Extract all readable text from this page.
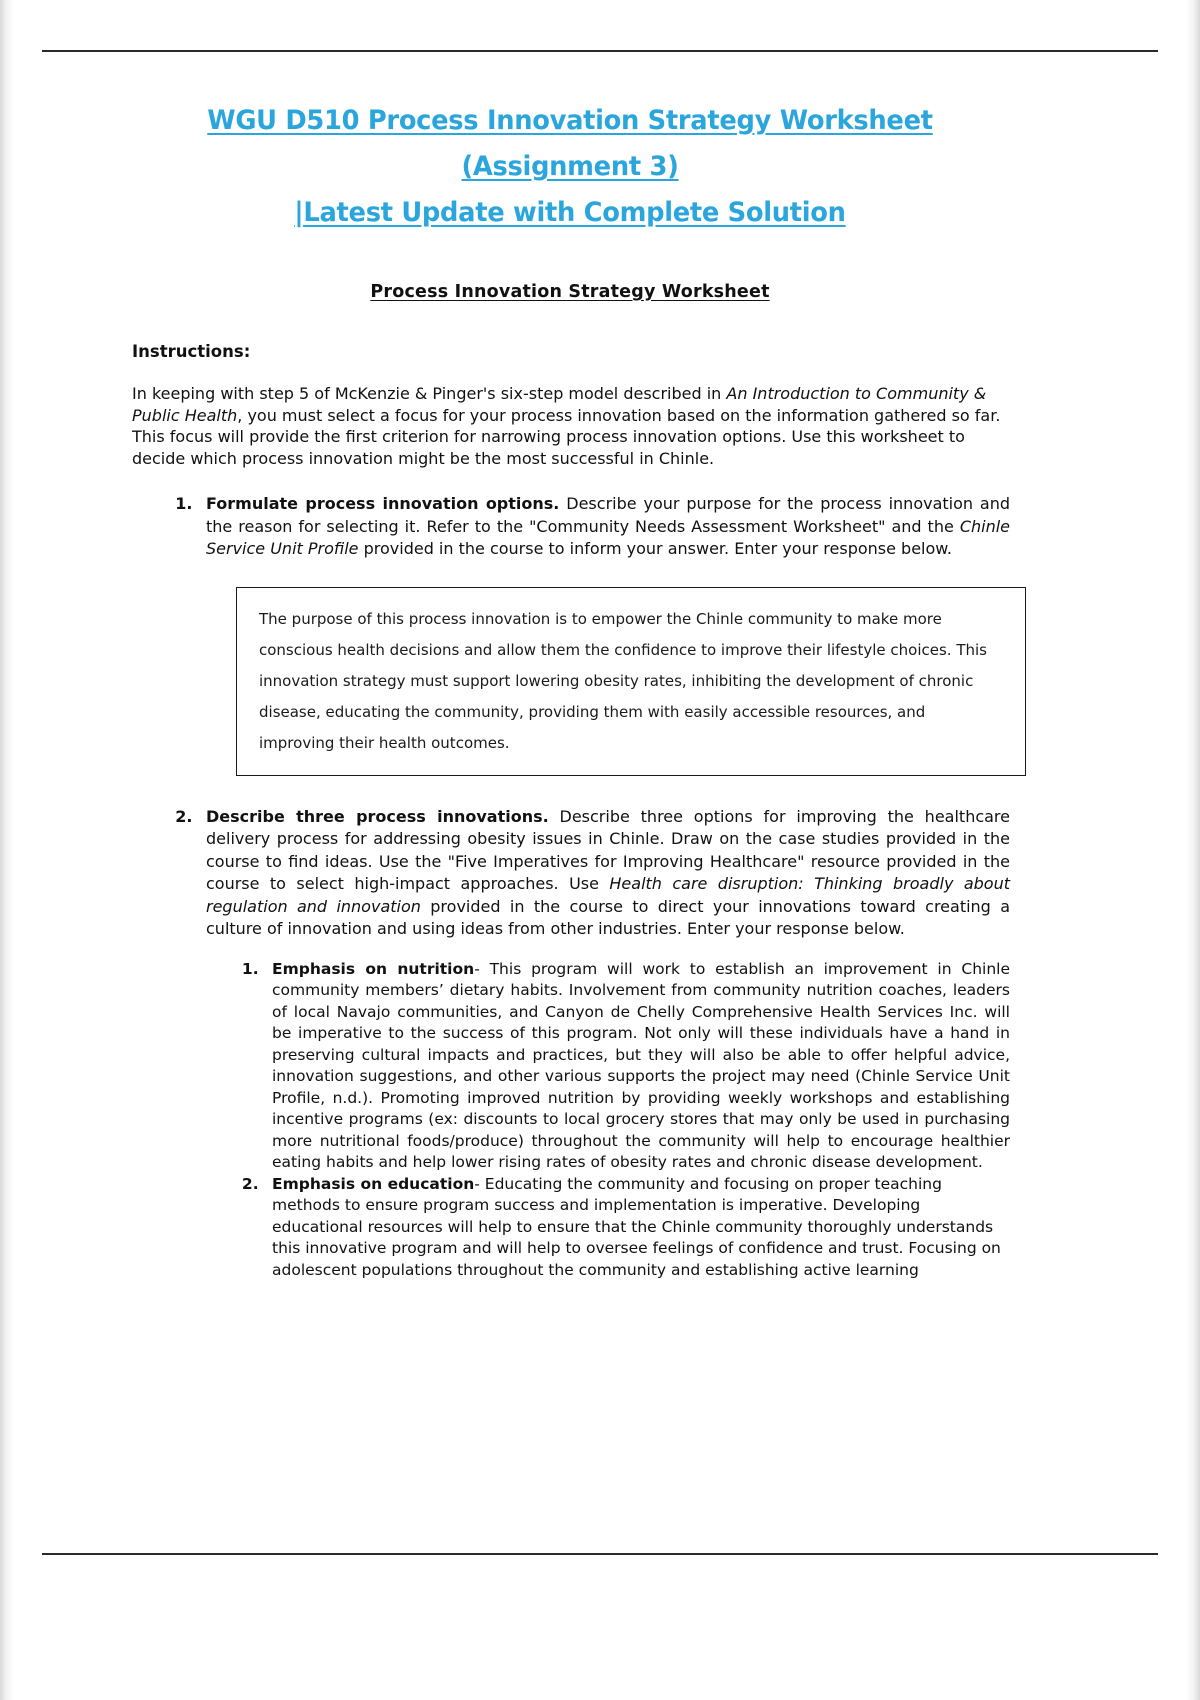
WGU D510 Process Innovation Strategy Worksheet (Assignment 3)
|Latest Update with Complete Solution
Process Innovation Strategy Worksheet
Instructions:

In keeping with step 5 of McKenzie & Pinger's six-step model described in An Introduction to Community & Public Health, you must select a focus for your process innovation based on the information gathered so far. This focus will provide the first criterion for narrowing process innovation options. Use this worksheet to decide which process innovation might be the most successful in Chinle.

1. Formulate process innovation options. Describe your purpose for the process innovation and the reason for selecting it. Refer to the "Community Needs Assessment Worksheet" and the Chinle Service Unit Profile provided in the course to inform your answer. Enter your response below.

The purpose of this process innovation is to empower the Chinle community to make more conscious health decisions and allow them the confidence to improve their lifestyle choices. This innovation strategy must support lowering obesity rates, inhibiting the development of chronic disease, educating the community, providing them with easily accessible resources, and improving their health outcomes.

2. Describe three process innovations. Describe three options for improving the healthcare delivery process for addressing obesity issues in Chinle. Draw on the case studies provided in the course to find ideas. Use the "Five Imperatives for Improving Healthcare" resource provided in the course to select high-impact approaches. Use Health care disruption: Thinking broadly about regulation and innovation provided in the course to direct your innovations toward creating a culture of innovation and using ideas from other industries. Enter your response below.
1. Emphasis on nutrition- This program will work to establish an improvement in Chinle community members’ dietary habits. Involvement from community nutrition coaches, leaders of local Navajo communities, and Canyon de Chelly Comprehensive Health Services Inc. will be imperative to the success of this program. Not only will these individuals have a hand in preserving cultural impacts and practices, but they will also be able to offer helpful advice, innovation suggestions, and other various supports the project may need (Chinle Service Unit Profile, n.d.). Promoting improved nutrition by providing weekly workshops and establishing incentive programs (ex: discounts to local grocery stores that may only be used in purchasing more nutritional foods/produce) throughout the community will help to encourage healthier eating habits and help lower rising rates of obesity rates and chronic disease development.
2. Emphasis on education- Educating the community and focusing on proper teaching methods to ensure program success and implementation is imperative. Developing educational resources will help to ensure that the Chinle community thoroughly understands this innovative program and will help to oversee feelings of confidence and trust. Focusing on adolescent populations throughout the community and establishing active learning
